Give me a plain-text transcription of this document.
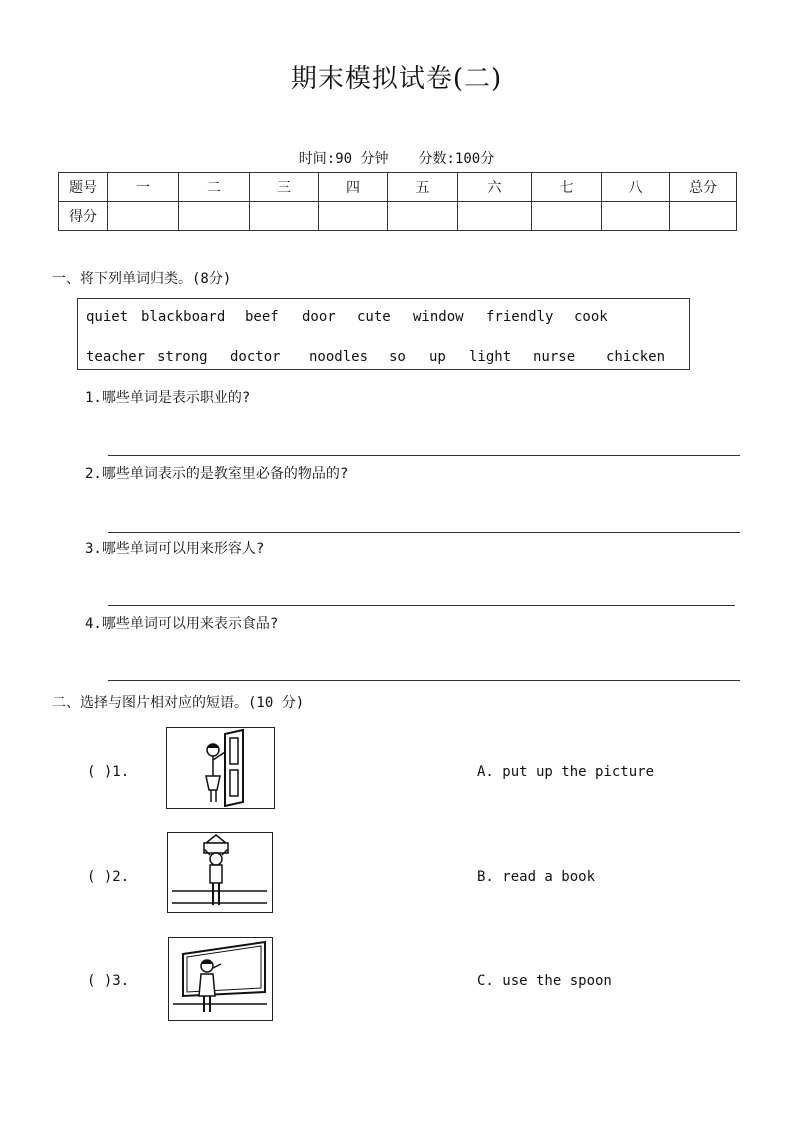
期末模拟试卷(二)
时间:90 分钟 分数:100分
题号	一	二	三	四	五	六	七	八	总分
得分									
一、将下列单词归类。(8分)
quiet blackboard beef door cute window friendly cook
teacher strong doctor noodles so up light nurse chicken
1.哪些单词是表示职业的?
2.哪些单词表示的是教室里必备的物品的?
3.哪些单词可以用来形容人?
4.哪些单词可以用来表示食品?
二、选择与图片相对应的短语。(10 分)
( )1.	A. put up the picture
( )2.	B. read a book
( )3.	C. use the spoon
